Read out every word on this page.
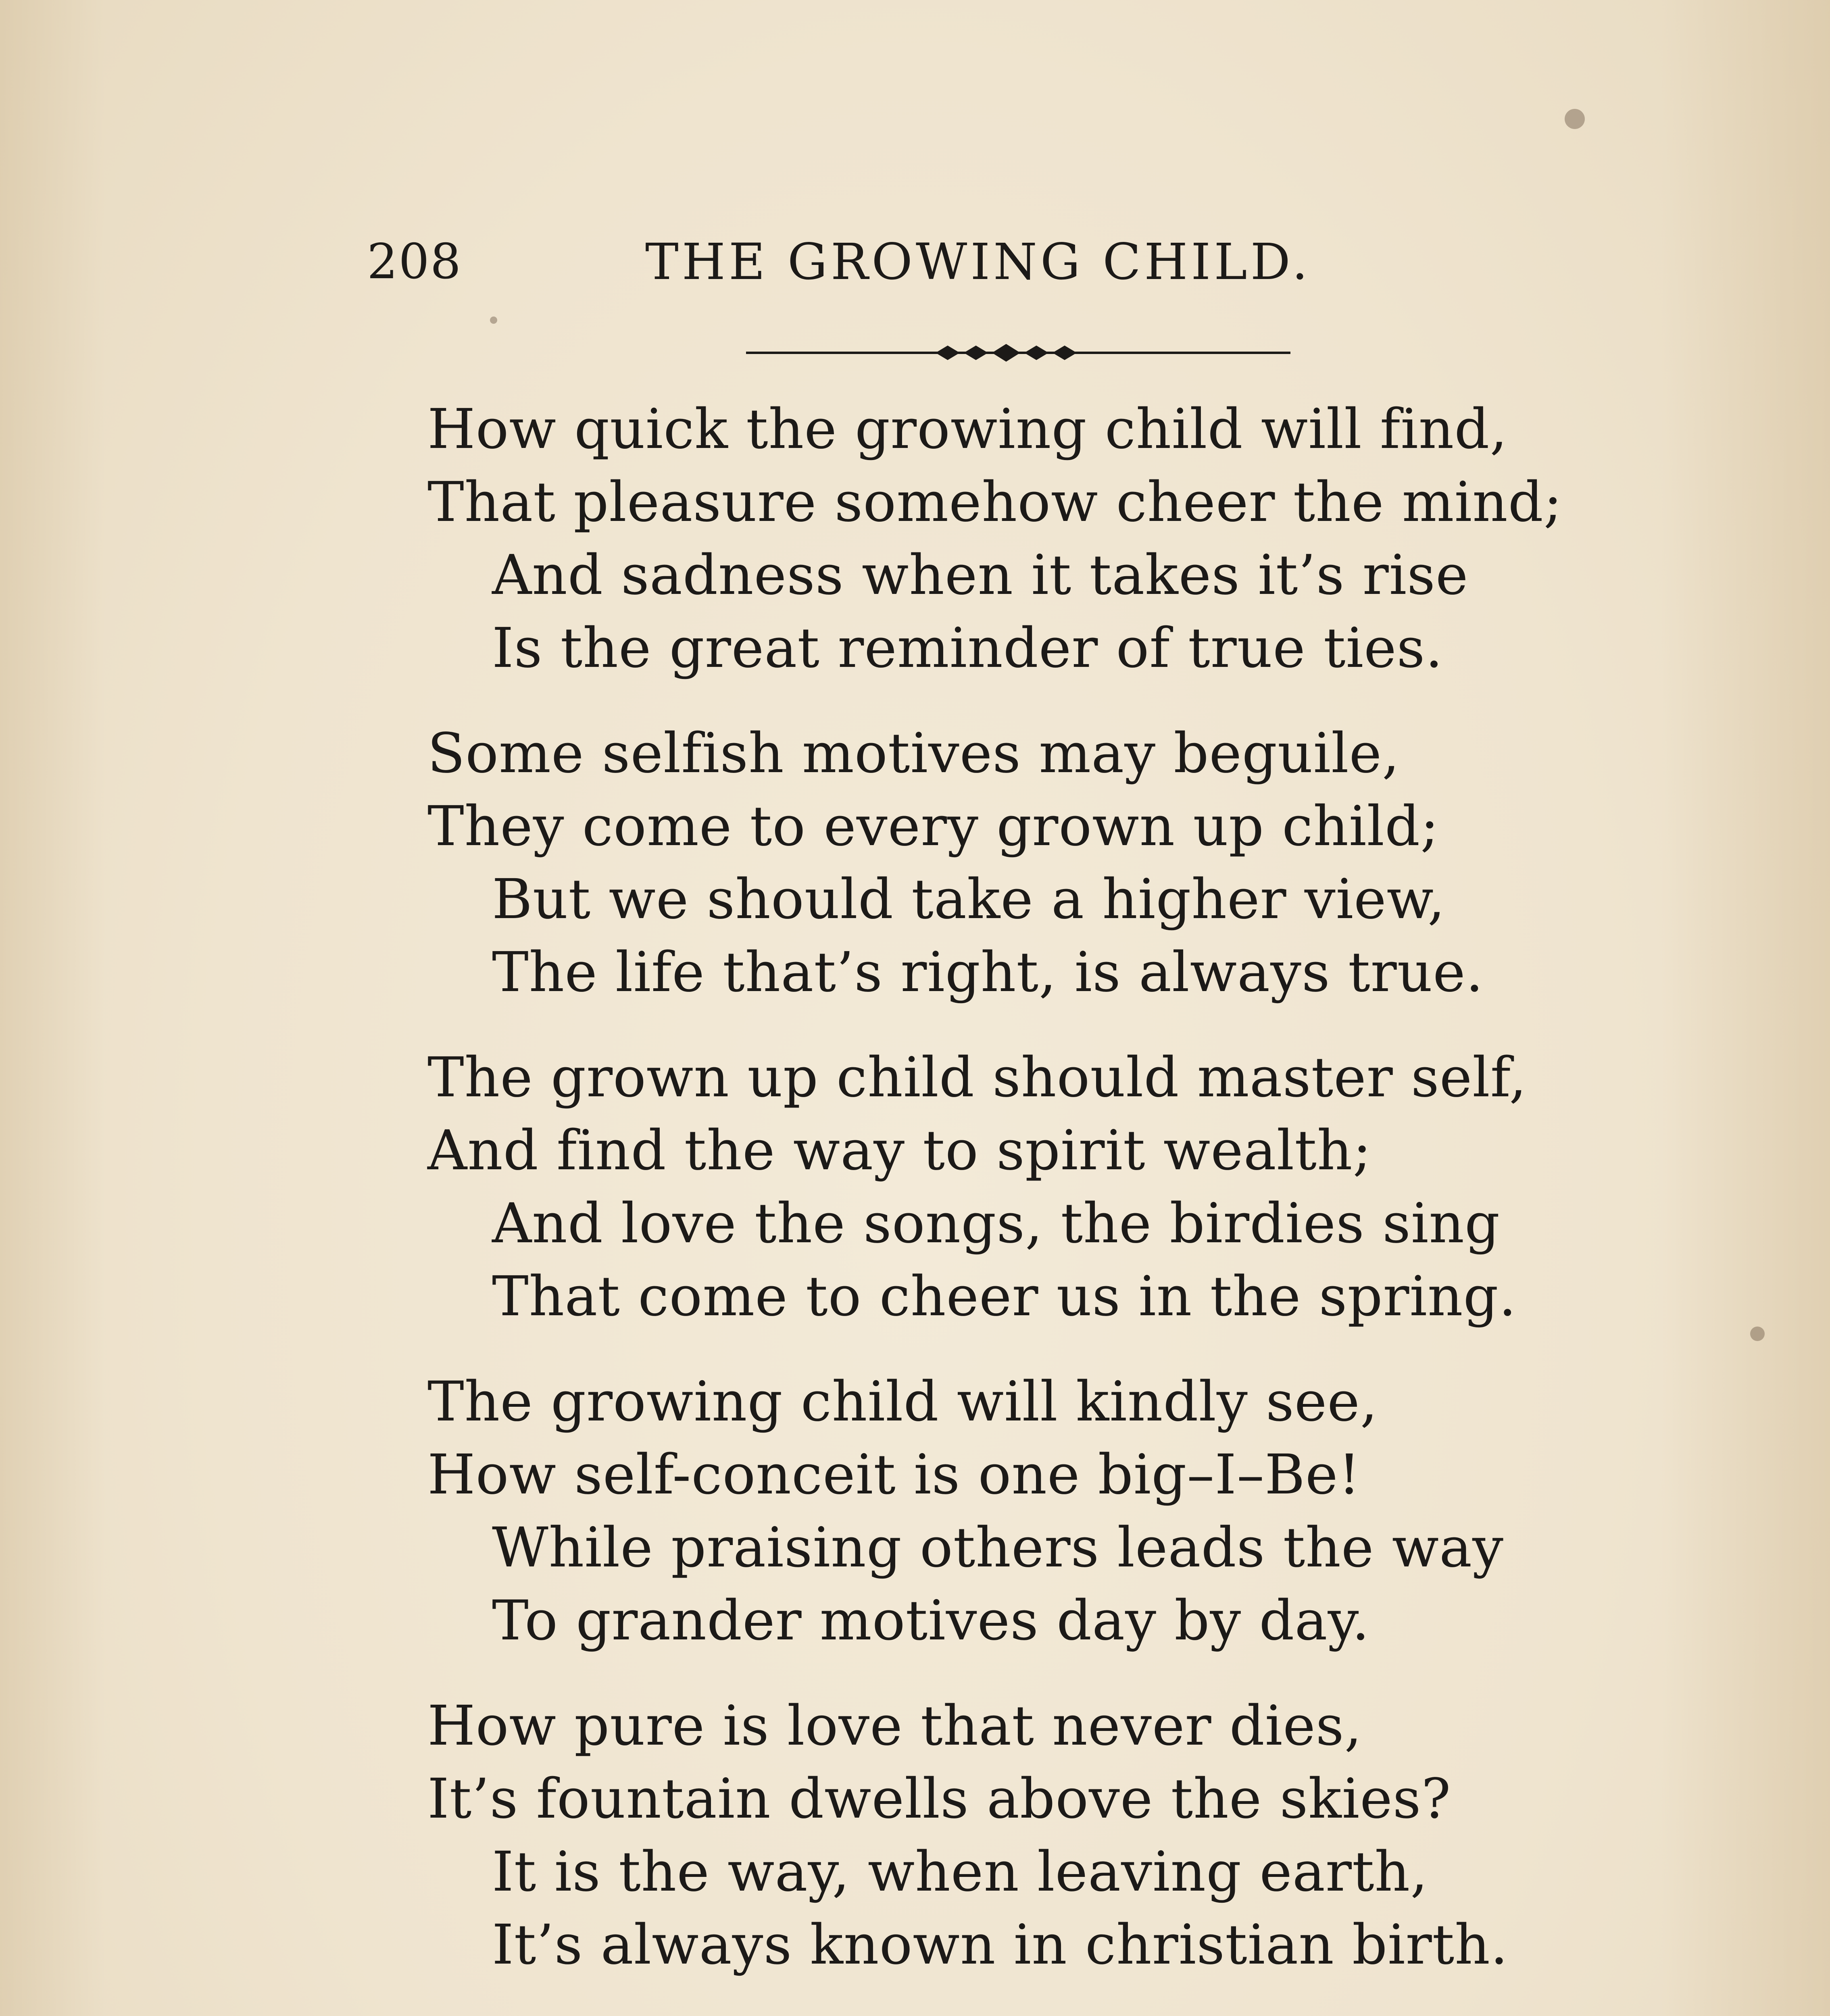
208	THE GROWING CHILD.
How quick the growing child will find,
That pleasure somehow cheer the mind;
And sadness when it takes it’s rise
Is the great reminder of true ties.
Some selfish motives may beguile,
They come to every grown up child;
But we should take a higher view,
The life that’s right, is always true.
The grown up child should master self,
And find the way to spirit wealth;
And love the songs, the birdies sing
That come to cheer us in the spring.
The growing child will kindly see,
How self-conceit is one big–I–Be!
While praising others leads the way
To grander motives day by day.
How pure is love that never dies,
It’s fountain dwells above the skies?
It is the way, when leaving earth,
It’s always known in christian birth.
